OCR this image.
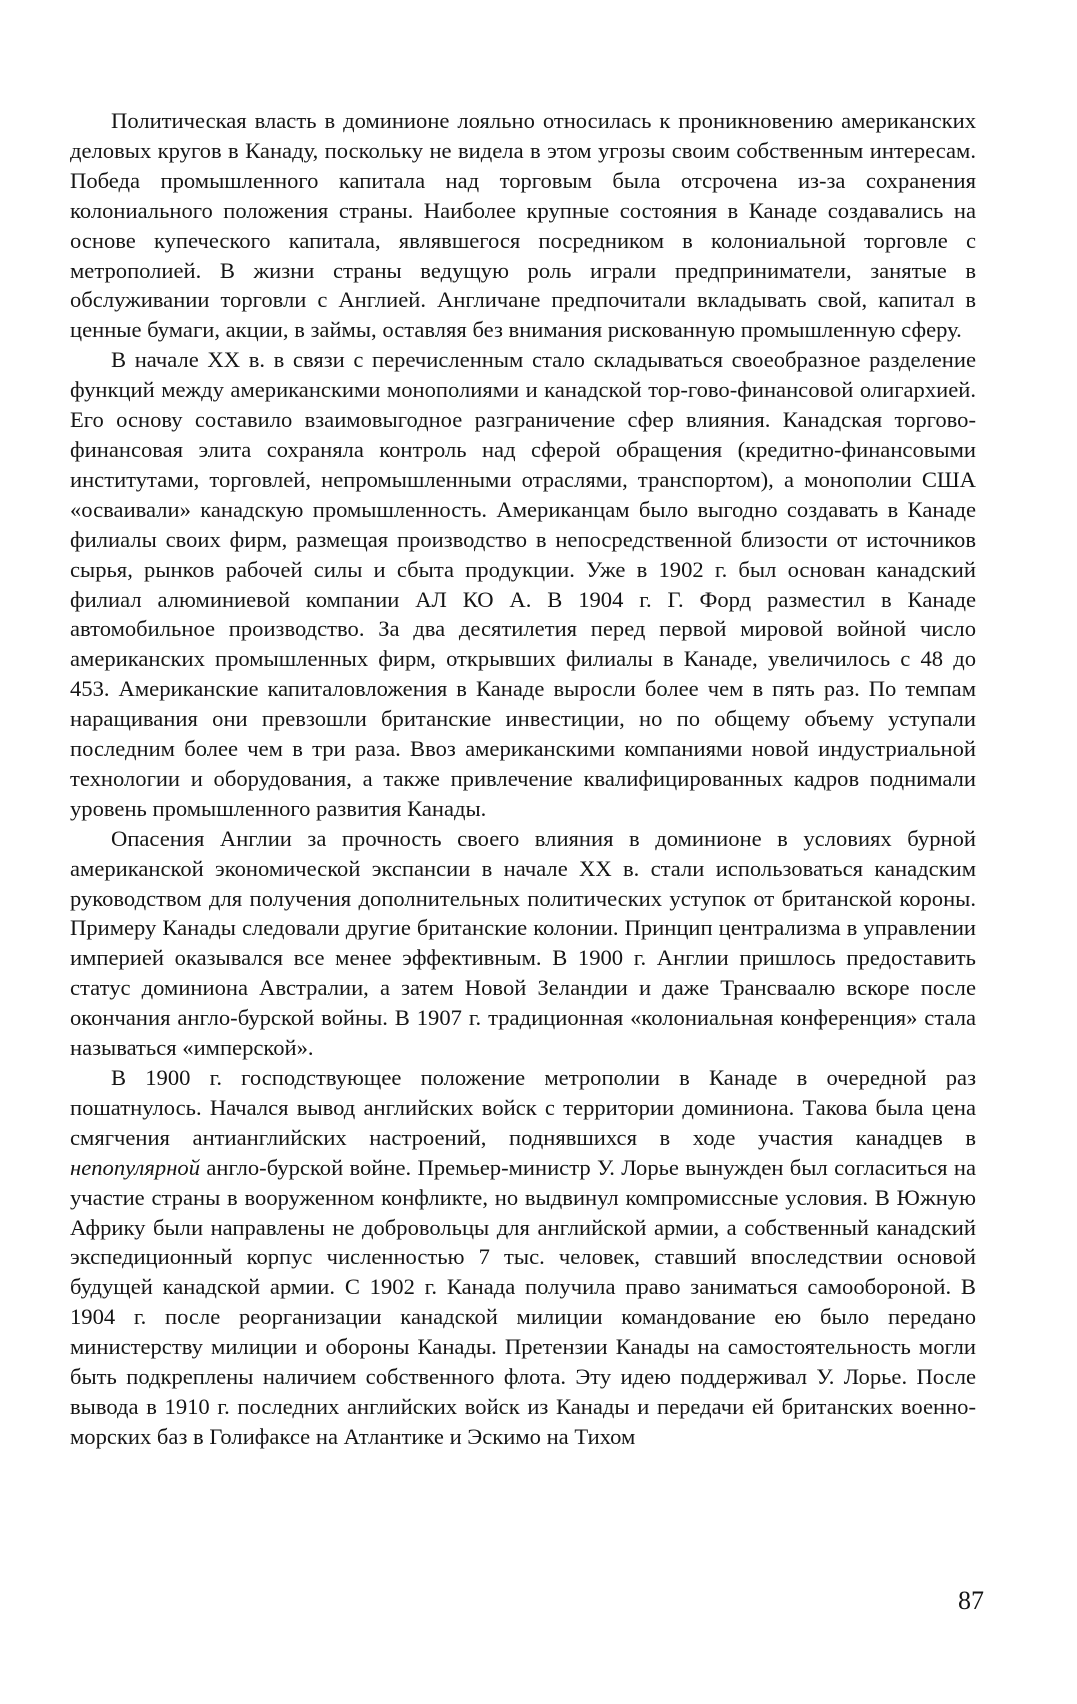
Политическая власть в доминионе лояльно относилась к проникновению американских деловых кругов в Канаду, поскольку не видела в этом угрозы своим собственным интересам. Победа промышленного капитала над торговым была отсрочена из-за сохранения колониального положения страны. Наиболее крупные состояния в Канаде создавались на основе купеческого капитала, являвшегося посредником в колониальной торговле с метрополией. В жизни страны ведущую роль играли предприниматели, занятые в обслуживании торговли с Англией. Англичане предпочитали вкладывать свой, капитал в ценные бумаги, акции, в займы, оставляя без внимания рискованную промышленную сферу.

В начале XX в. в связи с перечисленным стало складываться своеобразное разделение функций между американскими монополиями и канадской тор-гово-финансовой олигархией. Его основу составило взаимовыгодное разграничение сфер влияния. Канадская торгово-финансовая элита сохраняла контроль над сферой обращения (кредитно-финансовыми институтами, торговлей, непромышленными отраслями, транспортом), а монополии США «осваивали» канадскую промышленность. Американцам было выгодно создавать в Канаде филиалы своих фирм, размещая производство в непосредственной близости от источников сырья, рынков рабочей силы и сбыта продукции. Уже в 1902 г. был основан канадский филиал алюминиевой компании АЛ КО А. В 1904 г. Г. Форд разместил в Канаде автомобильное производство. За два десятилетия перед первой мировой войной число американских промышленных фирм, открывших филиалы в Канаде, увеличилось с 48 до 453. Американские капиталовложения в Канаде выросли более чем в пять раз. По темпам наращивания они превзошли британские инвестиции, но по общему объему уступали последним более чем в три раза. Ввоз американскими компаниями новой индустриальной технологии и оборудования, а также привлечение квалифицированных кадров поднимали уровень промышленного развития Канады.

Опасения Англии за прочность своего влияния в доминионе в условиях бурной американской экономической экспансии в начале XX в. стали использоваться канадским руководством для получения дополнительных политических уступок от британской короны. Примеру Канады следовали другие британские колонии. Принцип централизма в управлении империей оказывался все менее эффективным. В 1900 г. Англии пришлось предоставить статус доминиона Австралии, а затем Новой Зеландии и даже Трансваалю вскоре после окончания англо-бурской войны. В 1907 г. традиционная «колониальная конференция» стала называться «имперской».

В 1900 г. господствующее положение метрополии в Канаде в очередной раз пошатнулось. Начался вывод английских войск с территории доминиона. Такова была цена смягчения антианглийских настроений, поднявшихся в ходе участия канадцев в непопулярной англо-бурской войне. Премьер-министр У. Лорье вынужден был согласиться на участие страны в вооруженном конфликте, но выдвинул компромиссные условия. В Южную Африку были направлены не добровольцы для английской армии, а собственный канадский экспедиционный корпус численностью 7 тыс. человек, ставший впоследствии основой будущей канадской армии. С 1902 г. Канада получила право заниматься самообороной. В 1904 г. после реорганизации канадской милиции командование ею было передано министерству милиции и обороны Канады. Претензии Канады на самостоятельность могли быть подкреплены наличием собственного флота. Эту идею поддерживал У. Лорье. После вывода в 1910 г. последних английских войск из Канады и передачи ей британских военно-морских баз в Голифаксе на Атлантике и Эскимо на Тихом

87
